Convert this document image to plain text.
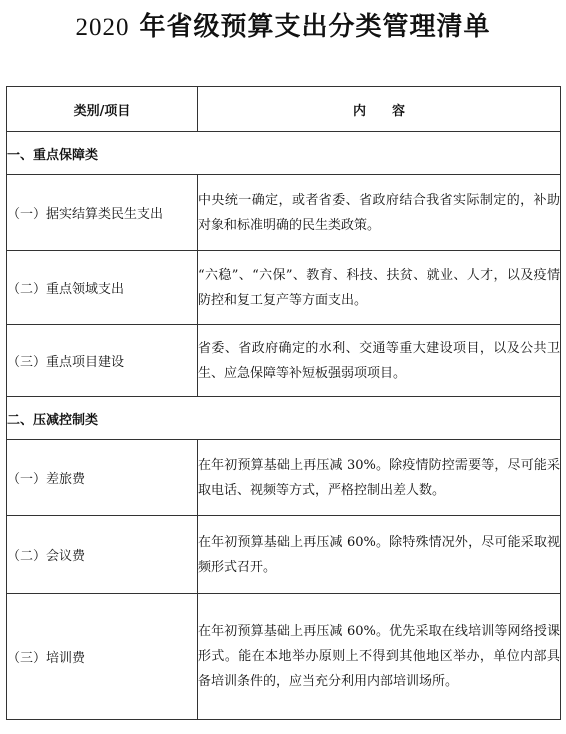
2020 年省级预算支出分类管理清单
类别/项目	内　　容
一、重点保障类	
（一）据实结算类民生支出	中央统一确定，或者省委、省政府结合我省实际制定的，补助对象和标准明确的民生类政策。
（二）重点领域支出	“六稳”、“六保”、教育、科技、扶贫、就业、人才，以及疫情防控和复工复产等方面支出。
（三）重点项目建设	省委、省政府确定的水利、交通等重大建设项目，以及公共卫生、应急保障等补短板强弱项项目。
二、压减控制类	
（一）差旅费	在年初预算基础上再压减 30%。除疫情防控需要等，尽可能采取电话、视频等方式，严格控制出差人数。
（二）会议费	在年初预算基础上再压减 60%。除特殊情况外，尽可能采取视频形式召开。
（三）培训费	在年初预算基础上再压减 60%。优先采取在线培训等网络授课形式。能在本地举办原则上不得到其他地区举办，单位内部具备培训条件的，应当充分利用内部培训场所。
